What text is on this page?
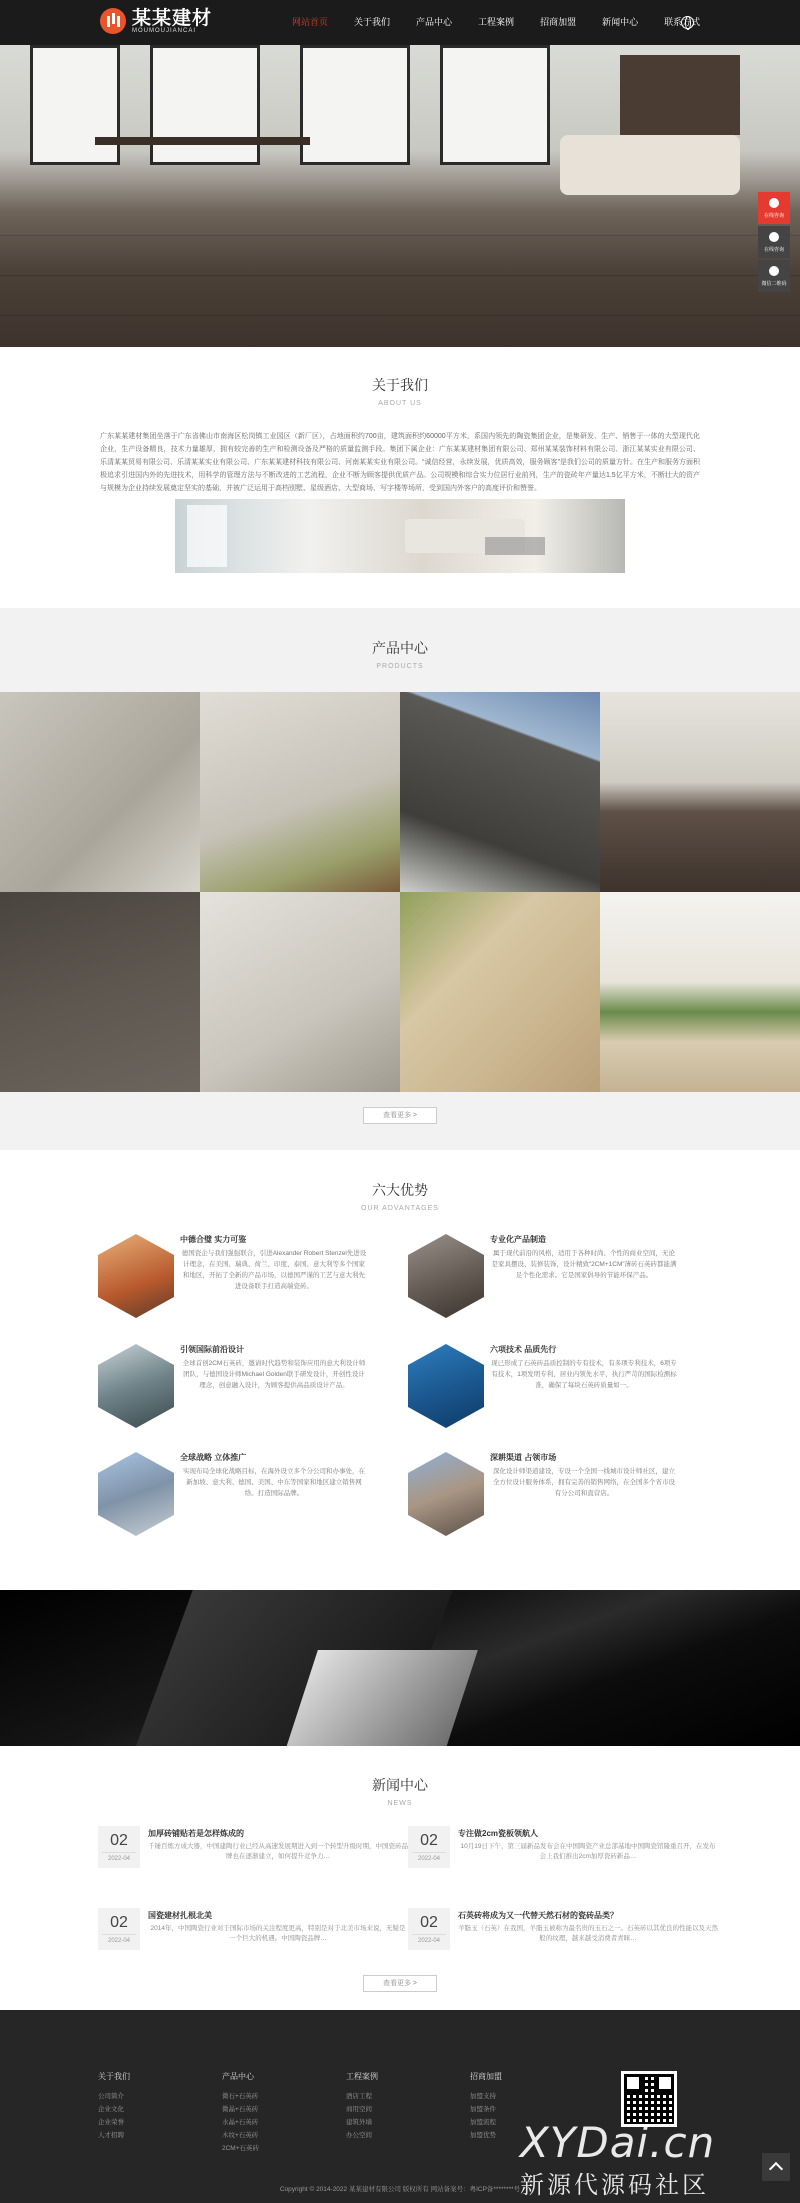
某某建材
MOUMOUJIANCAI
网站首页	关于我们	产品中心	工程案例	招商加盟	新闻中心	联系方式
在线咨询
在线咨询
微信二维码
关于我们
ABOUT US
广东某某建材集团坐落于广东省佛山市南海区松岗镇工业园区（新厂区），占地面积约700亩，建筑面积约60000平方米，系国内领先的陶瓷集团企业，是集研发、生产、销售于一体的大型现代化企业，生产设备精良，技术力量雄厚，拥有较完善的生产和检测设备及严格的质量监测手段。集团下属企业：广东某某建材集团有限公司、郑州某某装饰材料有限公司、浙江某某实业有限公司、乐清某某贸易有限公司、乐清某某实业有限公司、广东某某建材科技有限公司、河南某某实业有限公司。“诚信经营，永续发展，优质高效，服务顾客”是我们公司的质量方针。在生产和服务方面积极追求引进国内外的先进技术，用科学的管理方法与不断改进的工艺流程，企业不断为顾客提供优质产品。公司规模和综合实力位居行业前列，生产的瓷砖年产量达1.5亿平方米，不断壮大的资产与规模为企业持续发展奠定坚实的基础，并被广泛运用于高档别墅、星级酒店、大型商场、写字楼等场所，受到国内外客户的高度评价和赞誉。
产品中心
PRODUCTS
查看更多 >
六大优势
OUR ADVANTAGES
中德合璧 实力可鉴
德国瓷企与我们强强联合，引进Alexander Robert Stenzel先进设计理念，在美国、瑞典、荷兰、印度、泰国、意大利等多个国家和地区，开拓了全新的产品市场，以德国严谨的工艺与意大利先进设备联手打造高端瓷砖。
专业化产品制造
属于现代前沿的风格，适用于各种时尚、个性的商业空间，无论是家具摆设、装修装饰，设计精致“2CM+1CM”薄砖石英砖都能满足个性化需求。它是国家倡导的节能环保产品。
引领国际前沿设计
全球首创2CM石英砖，邀请时代趋势和装饰应用的意大利设计师团队，与德国设计师Michael Golden联手研发设计，开创性设计理念，创意融入设计，为顾客提供高品质设计产品。
六项技术 品质先行
现已形成了石英砖品质控制的专有技术，有多项专利技术，6项专有技术，1项发明专利，居业内领先水平，执行严苛的国际检测标准，确保了每块石英砖质量如一。
全球战略 立体推广
实现布局全球化战略目标，在海外设立多个分公司和办事处，在新加坡、意大利、德国、美国、中东等国家和地区建立销售网络。打造国际品牌。
深耕渠道 占领市场
深化设计师渠道建设，专设一个全国一线城市设计师社区，建立全方位设计服务体系，拥有完善的销售网络，在全国多个省市设有分公司和直营店。
新闻中心
NEWS
02
2022-04
加厚砖铺贴若是怎样炼成的
千锤百炼方成大器，中国建陶行业已经从高速发展期进入到一个转型升级时期，中国瓷砖品牌也在逐渐建立，如何提升竞争力…
02
2022-04
专注做2cm瓷板领航人
10月19日下午，第三届新品发布会在中国陶瓷产业总部基地中国陶瓷馆隆重召开，在发布会上我们推出2cm加厚瓷砖新品…
02
2022-04
国瓷建材扎根北美
2014年，中国陶瓷行业对于国际市场的关注程度更高，特别是对于北美市场来说，无疑是一个巨大的机遇。中国陶瓷品牌…
02
2022-04
石英砖将成为又一代替天然石材的瓷砖品类？
羊脂玉（石英）在我国，羊脂玉被称为最名贵的玉石之一。石英砖以其优良的性能以及天然般的纹理，越来越受消费者青睐…
查看更多 >
关于我们
公司简介
企业文化
企业荣誉
人才招聘
产品中心
微石+石英砖
微晶+石英砖
水晶+石英砖
木纹+石英砖
2CM+石英砖
工程案例
酒店工程
商用空间
建筑外墙
办公空间
招商加盟
加盟支持
加盟条件
加盟流程
加盟优势 XYDai.cn
新源代源码社区
Copyright © 2014-2022 某某建材有限公司 版权所有 网站备案号：粤ICP备********号
